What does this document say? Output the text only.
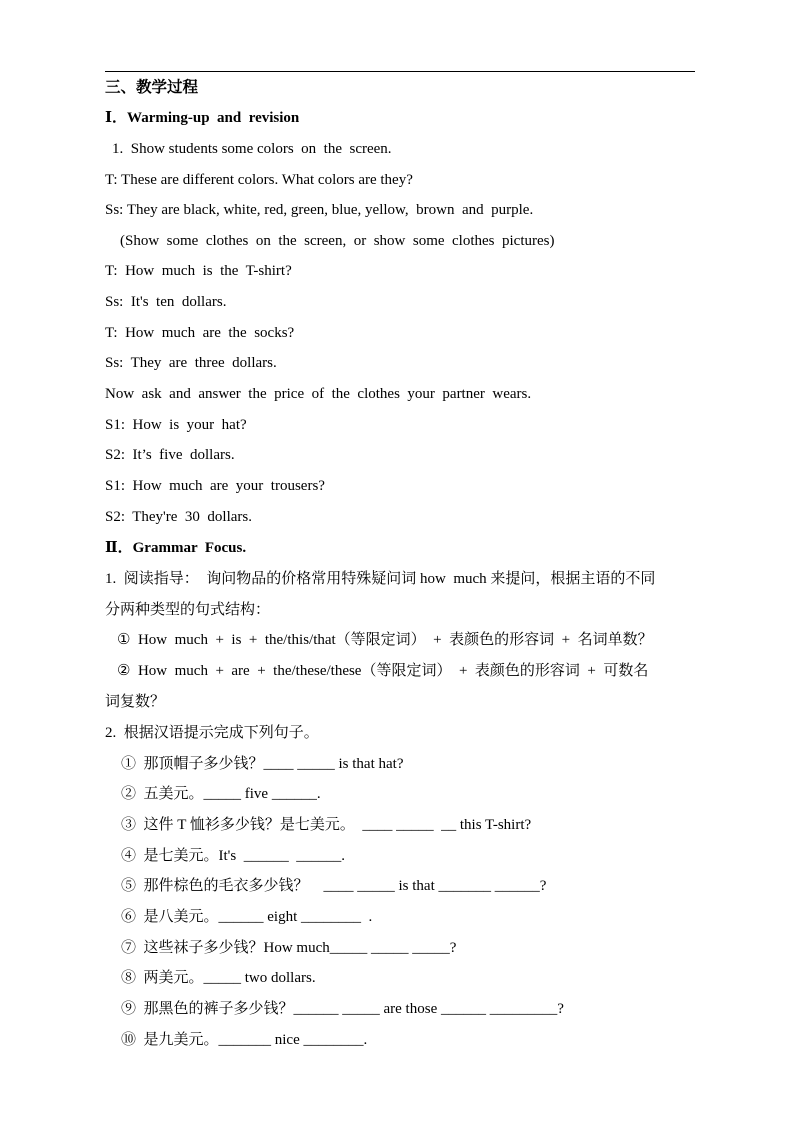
三、教学过程
Ⅰ．Warming-up  and  revision
1.  Show students some colors  on  the  screen.
T: These are different colors. What colors are they?
Ss: They are black, white, red, green, blue, yellow,  brown  and  purple.
(Show  some  clothes  on  the  screen,  or  show  some  clothes  pictures)
T:  How  much  is  the  T-shirt?
Ss:  It's  ten  dollars.
T:  How  much  are  the  socks?
Ss:  They  are  three  dollars.
Now  ask  and  answer  the  price  of  the  clothes  your  partner  wears.
S1:  How  is  your  hat?
S2:  It’s  five  dollars.
S1:  How  much  are  your  trousers?
S2:  They're  30  dollars.
Ⅱ．Grammar  Focus.
1.  阅读指导：  询问物品的价格常用特殊疑问词 how  much 来提问，根据主语的不同
分两种类型的句式结构：
①  How  much  +  is  +  the/this/that（等限定词）  +  表颜色的形容词  +  名词单数？
②  How  much  +  are  +  the/these/these（等限定词）  +  表颜色的形容词  +  可数名
词复数？
2.  根据汉语提示完成下列句子。
①  那顶帽子多少钱？____ _____ is that hat?
②  五美元。_____ five ______.
③  这件 T 恤衫多少钱？是七美元。  ____ _____  __ this T-shirt?
④  是七美元。It's  ______  ______.
⑤  那件棕色的毛衣多少钱？    ____ _____ is that _______ ______?
⑥  是八美元。______ eight ________  .
⑦  这些袜子多少钱？How much_____ _____ _____?
⑧  两美元。_____ two dollars.
⑨  那黑色的裤子多少钱？______ _____ are those ______ _________?
⑩  是九美元。_______ nice ________.
